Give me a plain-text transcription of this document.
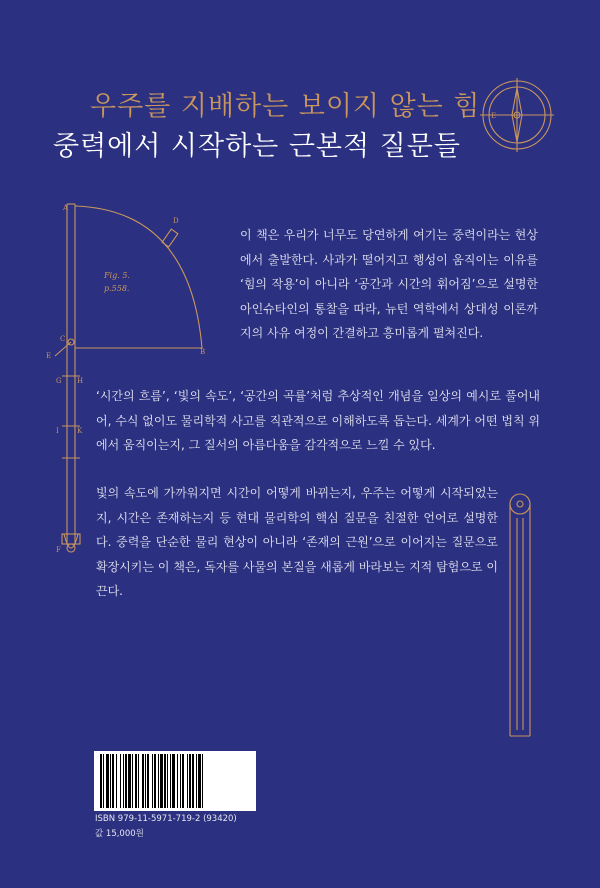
우주를 지배하는 보이지 않는 힘
중력에서 시작하는 근본적 질문들
E
A
D
B
C
E
G H
I	K
F
Fig. 5.
p.558.

이 책은 우리가 너무도 당연하게 여기는 중력이라는 현상에서 출발한다. 사과가 떨어지고 행성이 움직이는 이유를 ‘힘의 작용’이 아니라 ‘공간과 시간의 휘어짐’으로 설명한 아인슈타인의 통찰을 따라, 뉴턴 역학에서 상대성 이론까지의 사유 여정이 간결하고 흥미롭게 펼쳐진다.

‘시간의 흐름’, ‘빛의 속도’, ‘공간의 곡률’처럼 추상적인 개념을 일상의 예시로 풀어내어, 수식 없이도 물리학적 사고를 직관적으로 이해하도록 돕는다. 세계가 어떤 법칙 위에서 움직이는지, 그 질서의 아름다움을 감각적으로 느낄 수 있다.

빛의 속도에 가까워지면 시간이 어떻게 바뀌는지, 우주는 어떻게 시작되었는지, 시간은 존재하는지 등 현대 물리학의 핵심 질문을 친절한 언어로 설명한다. 중력을 단순한 물리 현상이 아니라 ‘존재의 근원’으로 이어지는 질문으로 확장시키는 이 책은, 독자를 사물의 본질을 새롭게 바라보는 지적 탐험으로 이끈다.

ISBN 979-11-5971-719-2 (93420)
값 15,000원
